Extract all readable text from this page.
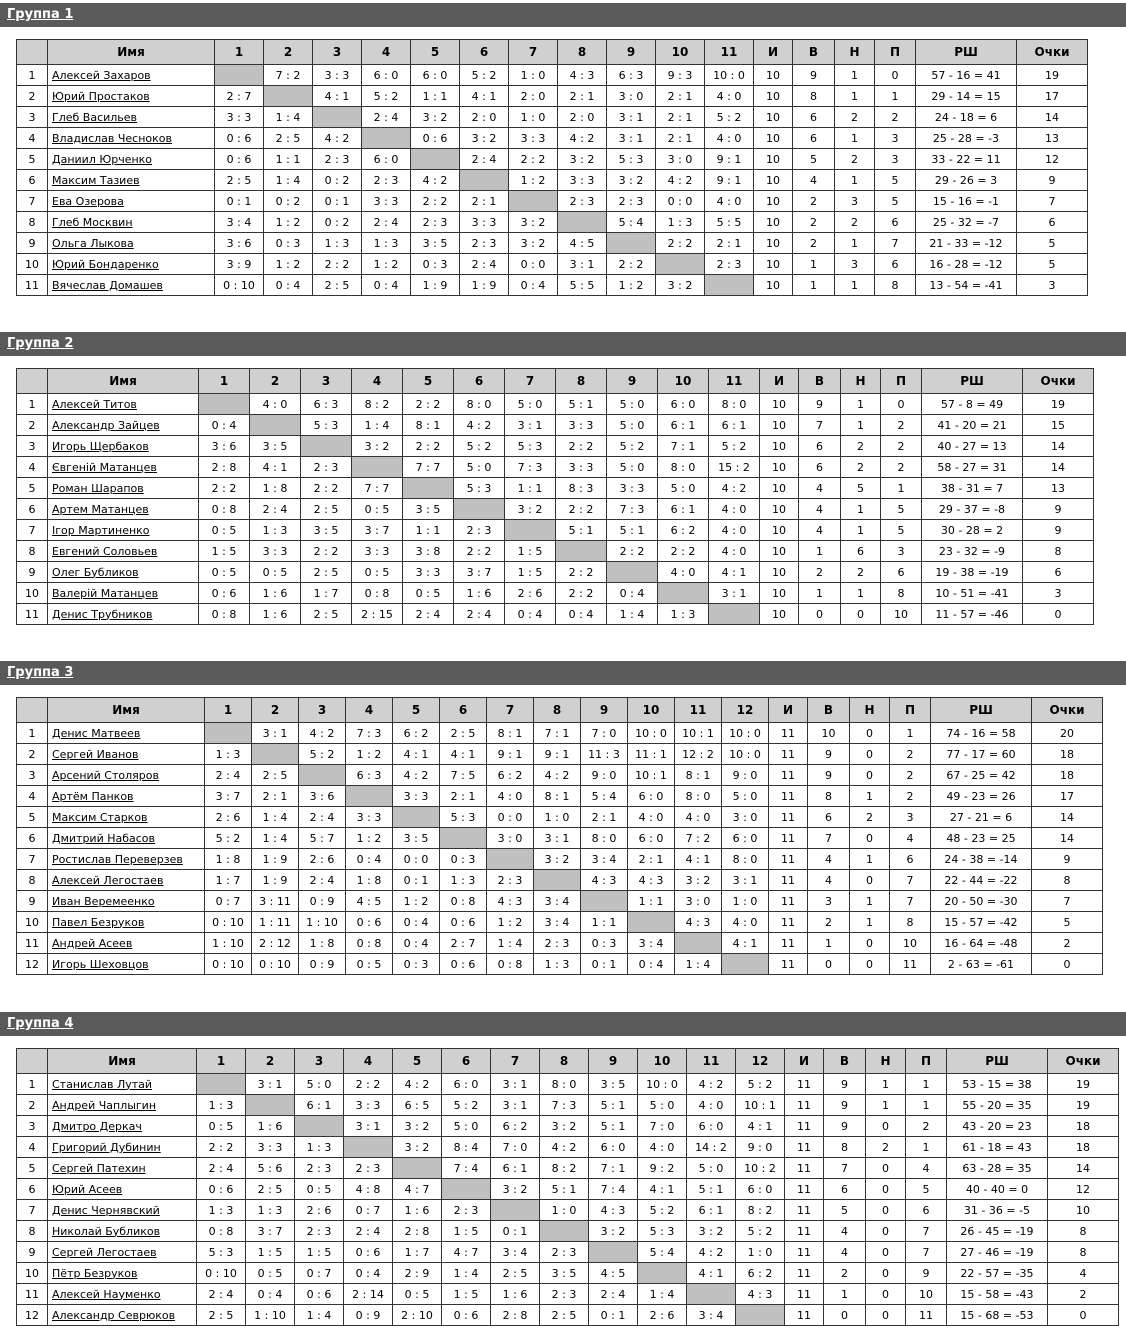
Группа 1
	Имя	1	2	3	4	5	6	7	8	9	10	11	И	В	Н	П	РШ	Очки
1	Алексей Захаров		7 : 2	3 : 3	6 : 0	6 : 0	5 : 2	1 : 0	4 : 3	6 : 3	9 : 3	10 : 0	10	9	1	0	57 - 16 = 41	19
2	Юрий Простаков	2 : 7		4 : 1	5 : 2	1 : 1	4 : 1	2 : 0	2 : 1	3 : 0	2 : 1	4 : 0	10	8	1	1	29 - 14 = 15	17
3	Глеб Васильев	3 : 3	1 : 4		2 : 4	3 : 2	2 : 0	1 : 0	2 : 0	3 : 1	2 : 1	5 : 2	10	6	2	2	24 - 18 = 6	14
4	Владислав Чесноков	0 : 6	2 : 5	4 : 2		0 : 6	3 : 2	3 : 3	4 : 2	3 : 1	2 : 1	4 : 0	10	6	1	3	25 - 28 = -3	13
5	Даниил Юрченко	0 : 6	1 : 1	2 : 3	6 : 0		2 : 4	2 : 2	3 : 2	5 : 3	3 : 0	9 : 1	10	5	2	3	33 - 22 = 11	12
6	Максим Тазиев	2 : 5	1 : 4	0 : 2	2 : 3	4 : 2		1 : 2	3 : 3	3 : 2	4 : 2	9 : 1	10	4	1	5	29 - 26 = 3	9
7	Ева Озерова	0 : 1	0 : 2	0 : 1	3 : 3	2 : 2	2 : 1		2 : 3	2 : 3	0 : 0	4 : 0	10	2	3	5	15 - 16 = -1	7
8	Глеб Москвин	3 : 4	1 : 2	0 : 2	2 : 4	2 : 3	3 : 3	3 : 2		5 : 4	1 : 3	5 : 5	10	2	2	6	25 - 32 = -7	6
9	Ольга Лыкова	3 : 6	0 : 3	1 : 3	1 : 3	3 : 5	2 : 3	3 : 2	4 : 5		2 : 2	2 : 1	10	2	1	7	21 - 33 = -12	5
10	Юрий Бондаренко	3 : 9	1 : 2	2 : 2	1 : 2	0 : 3	2 : 4	0 : 0	3 : 1	2 : 2		2 : 3	10	1	3	6	16 - 28 = -12	5
11	Вячеслав Домашев	0 : 10	0 : 4	2 : 5	0 : 4	1 : 9	1 : 9	0 : 4	5 : 5	1 : 2	3 : 2		10	1	1	8	13 - 54 = -41	3
Группа 2
	Имя	1	2	3	4	5	6	7	8	9	10	11	И	В	Н	П	РШ	Очки
1	Алексей Титов		4 : 0	6 : 3	8 : 2	2 : 2	8 : 0	5 : 0	5 : 1	5 : 0	6 : 0	8 : 0	10	9	1	0	57 - 8 = 49	19
2	Александр Зайцев	0 : 4		5 : 3	1 : 4	8 : 1	4 : 2	3 : 1	3 : 3	5 : 0	6 : 1	6 : 1	10	7	1	2	41 - 20 = 21	15
3	Игорь Щербаков	3 : 6	3 : 5		3 : 2	2 : 2	5 : 2	5 : 3	2 : 2	5 : 2	7 : 1	5 : 2	10	6	2	2	40 - 27 = 13	14
4	Євгеній Матанцев	2 : 8	4 : 1	2 : 3		7 : 7	5 : 0	7 : 3	3 : 3	5 : 0	8 : 0	15 : 2	10	6	2	2	58 - 27 = 31	14
5	Роман Шарапов	2 : 2	1 : 8	2 : 2	7 : 7		5 : 3	1 : 1	8 : 3	3 : 3	5 : 0	4 : 2	10	4	5	1	38 - 31 = 7	13
6	Артем Матанцев	0 : 8	2 : 4	2 : 5	0 : 5	3 : 5		3 : 2	2 : 2	7 : 3	6 : 1	4 : 0	10	4	1	5	29 - 37 = -8	9
7	Ігор Мартиненко	0 : 5	1 : 3	3 : 5	3 : 7	1 : 1	2 : 3		5 : 1	5 : 1	6 : 2	4 : 0	10	4	1	5	30 - 28 = 2	9
8	Евгений Соловьев	1 : 5	3 : 3	2 : 2	3 : 3	3 : 8	2 : 2	1 : 5		2 : 2	2 : 2	4 : 0	10	1	6	3	23 - 32 = -9	8
9	Олег Бубликов	0 : 5	0 : 5	2 : 5	0 : 5	3 : 3	3 : 7	1 : 5	2 : 2		4 : 0	4 : 1	10	2	2	6	19 - 38 = -19	6
10	Валерій Матанцев	0 : 6	1 : 6	1 : 7	0 : 8	0 : 5	1 : 6	2 : 6	2 : 2	0 : 4		3 : 1	10	1	1	8	10 - 51 = -41	3
11	Денис Трубников	0 : 8	1 : 6	2 : 5	2 : 15	2 : 4	2 : 4	0 : 4	0 : 4	1 : 4	1 : 3		10	0	0	10	11 - 57 = -46	0
Группа 3
	Имя	1	2	3	4	5	6	7	8	9	10	11	12	И	В	Н	П	РШ	Очки
1	Денис Матвеев		3 : 1	4 : 2	7 : 3	6 : 2	2 : 5	8 : 1	7 : 1	7 : 0	10 : 0	10 : 1	10 : 0	11	10	0	1	74 - 16 = 58	20
2	Сергей Иванов	1 : 3		5 : 2	1 : 2	4 : 1	4 : 1	9 : 1	9 : 1	11 : 3	11 : 1	12 : 2	10 : 0	11	9	0	2	77 - 17 = 60	18
3	Арсений Столяров	2 : 4	2 : 5		6 : 3	4 : 2	7 : 5	6 : 2	4 : 2	9 : 0	10 : 1	8 : 1	9 : 0	11	9	0	2	67 - 25 = 42	18
4	Артём Панков	3 : 7	2 : 1	3 : 6		3 : 3	2 : 1	4 : 0	8 : 1	5 : 4	6 : 0	8 : 0	5 : 0	11	8	1	2	49 - 23 = 26	17
5	Максим Старков	2 : 6	1 : 4	2 : 4	3 : 3		5 : 3	0 : 0	1 : 0	2 : 1	4 : 0	4 : 0	3 : 0	11	6	2	3	27 - 21 = 6	14
6	Дмитрий Набасов	5 : 2	1 : 4	5 : 7	1 : 2	3 : 5		3 : 0	3 : 1	8 : 0	6 : 0	7 : 2	6 : 0	11	7	0	4	48 - 23 = 25	14
7	Ростислав Переверзев	1 : 8	1 : 9	2 : 6	0 : 4	0 : 0	0 : 3		3 : 2	3 : 4	2 : 1	4 : 1	8 : 0	11	4	1	6	24 - 38 = -14	9
8	Алексей Легостаев	1 : 7	1 : 9	2 : 4	1 : 8	0 : 1	1 : 3	2 : 3		4 : 3	4 : 3	3 : 2	3 : 1	11	4	0	7	22 - 44 = -22	8
9	Иван Веремеенко	0 : 7	3 : 11	0 : 9	4 : 5	1 : 2	0 : 8	4 : 3	3 : 4		1 : 1	3 : 0	1 : 0	11	3	1	7	20 - 50 = -30	7
10	Павел Безруков	0 : 10	1 : 11	1 : 10	0 : 6	0 : 4	0 : 6	1 : 2	3 : 4	1 : 1		4 : 3	4 : 0	11	2	1	8	15 - 57 = -42	5
11	Андрей Асеев	1 : 10	2 : 12	1 : 8	0 : 8	0 : 4	2 : 7	1 : 4	2 : 3	0 : 3	3 : 4		4 : 1	11	1	0	10	16 - 64 = -48	2
12	Игорь Шеховцов	0 : 10	0 : 10	0 : 9	0 : 5	0 : 3	0 : 6	0 : 8	1 : 3	0 : 1	0 : 4	1 : 4		11	0	0	11	2 - 63 = -61	0
Группа 4
	Имя	1	2	3	4	5	6	7	8	9	10	11	12	И	В	Н	П	РШ	Очки
1	Станислав Лутай		3 : 1	5 : 0	2 : 2	4 : 2	6 : 0	3 : 1	8 : 0	3 : 5	10 : 0	4 : 2	5 : 2	11	9	1	1	53 - 15 = 38	19
2	Андрей Чаплыгин	1 : 3		6 : 1	3 : 3	6 : 5	5 : 2	3 : 1	7 : 3	5 : 1	5 : 0	4 : 0	10 : 1	11	9	1	1	55 - 20 = 35	19
3	Дмитро Деркач	0 : 5	1 : 6		3 : 1	3 : 2	5 : 0	6 : 2	3 : 2	5 : 1	7 : 0	6 : 0	4 : 1	11	9	0	2	43 - 20 = 23	18
4	Григорий Дубинин	2 : 2	3 : 3	1 : 3		3 : 2	8 : 4	7 : 0	4 : 2	6 : 0	4 : 0	14 : 2	9 : 0	11	8	2	1	61 - 18 = 43	18
5	Сергей Патехин	2 : 4	5 : 6	2 : 3	2 : 3		7 : 4	6 : 1	8 : 2	7 : 1	9 : 2	5 : 0	10 : 2	11	7	0	4	63 - 28 = 35	14
6	Юрий Асеев	0 : 6	2 : 5	0 : 5	4 : 8	4 : 7		3 : 2	5 : 1	7 : 4	4 : 1	5 : 1	6 : 0	11	6	0	5	40 - 40 = 0	12
7	Денис Чернявский	1 : 3	1 : 3	2 : 6	0 : 7	1 : 6	2 : 3		1 : 0	4 : 3	5 : 2	6 : 1	8 : 2	11	5	0	6	31 - 36 = -5	10
8	Николай Бубликов	0 : 8	3 : 7	2 : 3	2 : 4	2 : 8	1 : 5	0 : 1		3 : 2	5 : 3	3 : 2	5 : 2	11	4	0	7	26 - 45 = -19	8
9	Сергей Легостаев	5 : 3	1 : 5	1 : 5	0 : 6	1 : 7	4 : 7	3 : 4	2 : 3		5 : 4	4 : 2	1 : 0	11	4	0	7	27 - 46 = -19	8
10	Пётр Безруков	0 : 10	0 : 5	0 : 7	0 : 4	2 : 9	1 : 4	2 : 5	3 : 5	4 : 5		4 : 1	6 : 2	11	2	0	9	22 - 57 = -35	4
11	Алексей Науменко	2 : 4	0 : 4	0 : 6	2 : 14	0 : 5	1 : 5	1 : 6	2 : 3	2 : 4	1 : 4		4 : 3	11	1	0	10	15 - 58 = -43	2
12	Александр Севрюков	2 : 5	1 : 10	1 : 4	0 : 9	2 : 10	0 : 6	2 : 8	2 : 5	0 : 1	2 : 6	3 : 4		11	0	0	11	15 - 68 = -53	0
